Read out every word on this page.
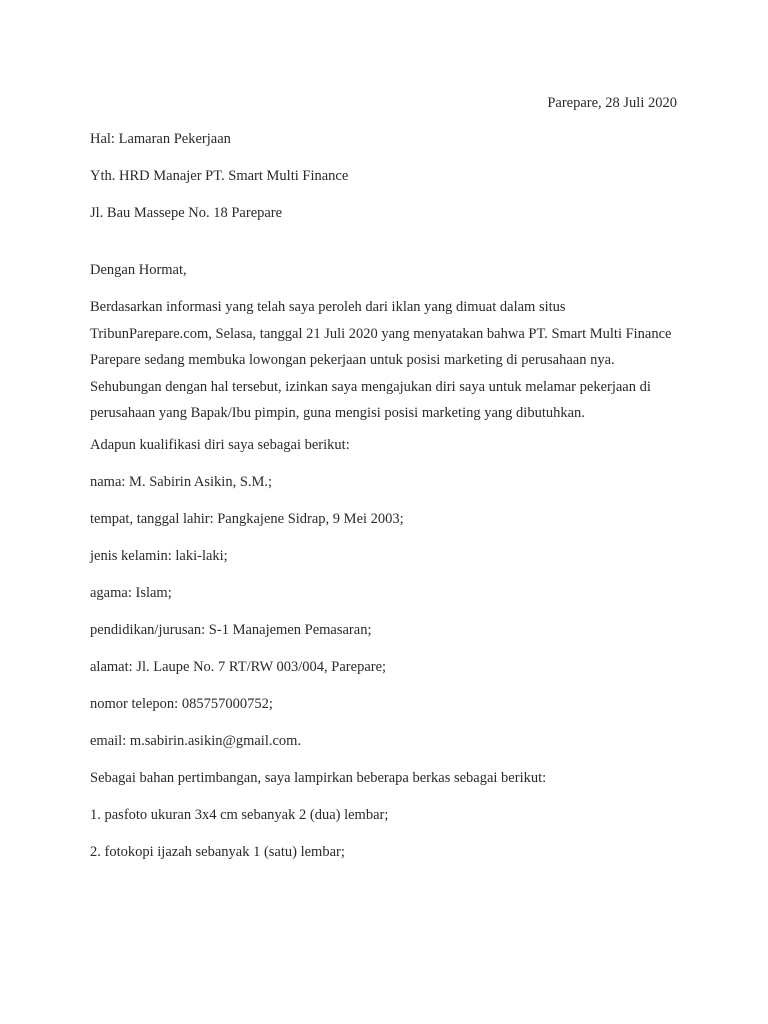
Parepare, 28 Juli 2020

Hal: Lamaran Pekerjaan

Yth. HRD Manajer PT. Smart Multi Finance

Jl. Bau Massepe No. 18 Parepare

Dengan Hormat,

Berdasarkan informasi yang telah saya peroleh dari iklan yang dimuat dalam situs TribunParepare.com, Selasa, tanggal 21 Juli 2020 yang menyatakan bahwa PT. Smart Multi Finance Parepare sedang membuka lowongan pekerjaan untuk posisi marketing di perusahaan nya. Sehubungan dengan hal tersebut, izinkan saya mengajukan diri saya untuk melamar pekerjaan di perusahaan yang Bapak/Ibu pimpin, guna mengisi posisi marketing yang dibutuhkan.

Adapun kualifikasi diri saya sebagai berikut:

nama: M. Sabirin Asikin, S.M.;

tempat, tanggal lahir: Pangkajene Sidrap, 9 Mei 2003;

jenis kelamin: laki-laki;

agama: Islam;

pendidikan/jurusan: S-1 Manajemen Pemasaran;

alamat: Jl. Laupe No. 7 RT/RW 003/004, Parepare;

nomor telepon: 085757000752;

email: m.sabirin.asikin@gmail.com.

Sebagai bahan pertimbangan, saya lampirkan beberapa berkas sebagai berikut:

1. pasfoto ukuran 3x4 cm sebanyak 2 (dua) lembar;

2. fotokopi ijazah sebanyak 1 (satu) lembar;
